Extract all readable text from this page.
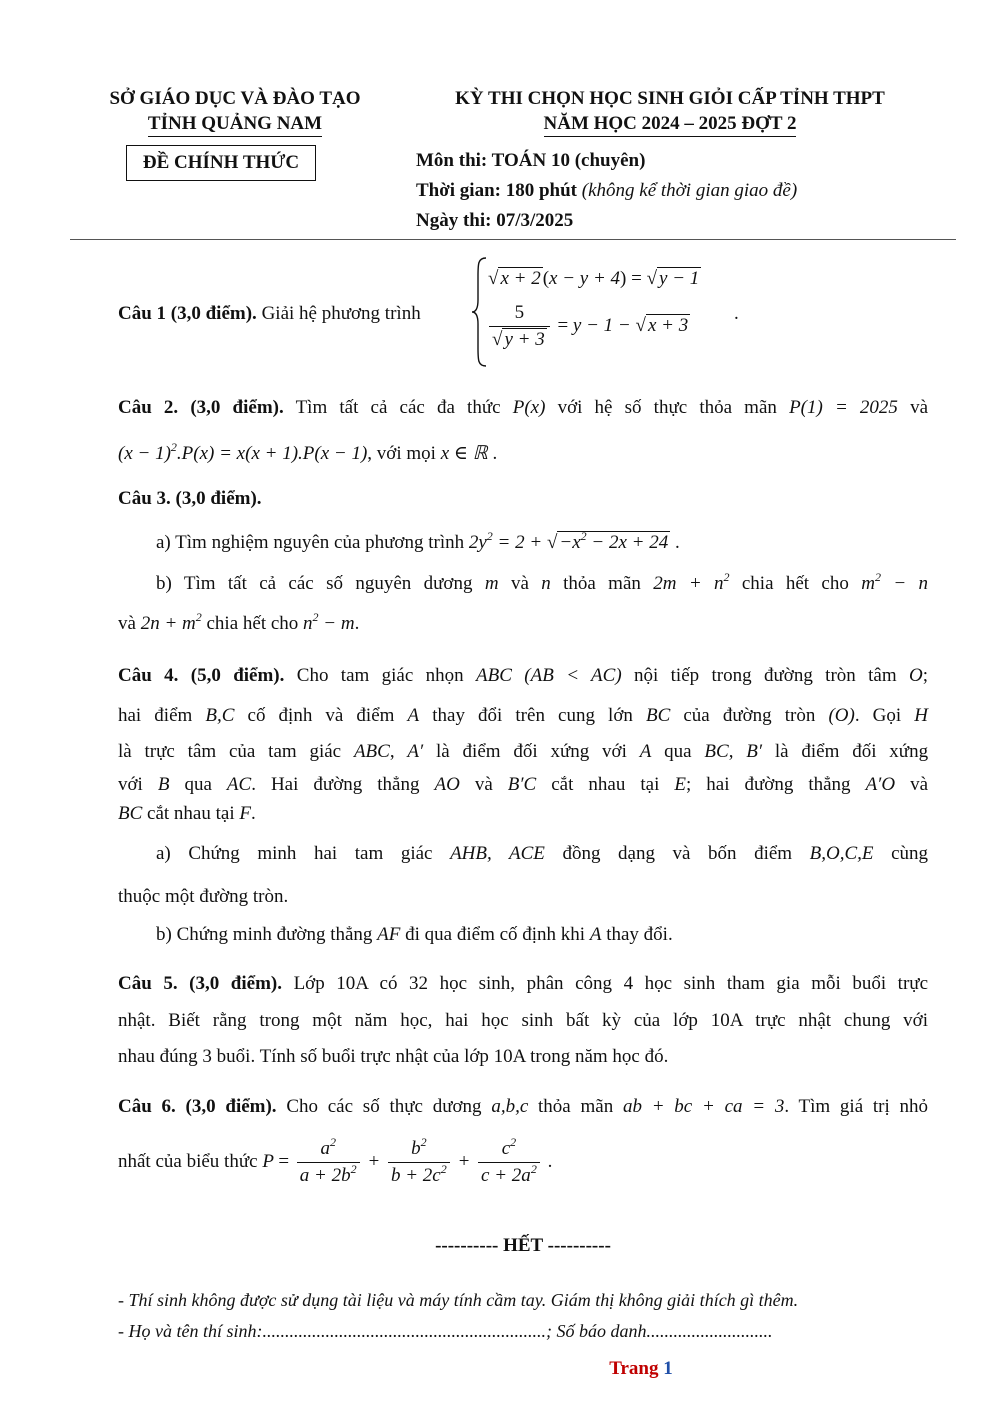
SỞ GIÁO DỤC VÀ ĐÀO TẠO
TỈNH QUẢNG NAM
ĐỀ CHÍNH THỨC
KỲ THI CHỌN HỌC SINH GIỎI CẤP TỈNH THPT
NĂM HỌC 2024 – 2025 ĐỢT 2
Môn thi: TOÁN 10 (chuyên)
Thời gian: 180 phút (không kể thời gian giao đề)
Ngày thi: 07/3/2025
Câu 1 (3,0 điểm). Giải hệ phương trình
√ x + 2 (x − y + 4) = √ y − 1
$\frac{5}{√ y + 3} = y - 1$ − √ x + 3
.
Câu 2. (3,0 điểm). Tìm tất cả các đa thức P(x) với hệ số thực thỏa mãn P(1) = 2025 và
$(x - 1)^2.P(x) = x(x + 1).P(x - 1)$, với mọi x ∈ ℝ .
Câu 3. (3,0 điểm).
a) Tìm nghiệm nguyên của phương trình $2y^2 = 2$ + √ $-x^2 - 2x + 24$ .
b) Tìm tất cả các số nguyên dương m và n thỏa mãn $2m + n^2$ chia hết cho $m^2 - n$
và $2n + m^2$ chia hết cho $n^2 - m$.
Câu 4. (5,0 điểm). Cho tam giác nhọn ABC (AB < AC) nội tiếp trong đường tròn tâm O;
hai điểm B,C cố định và điểm A thay đổi trên cung lớn BC của đường tròn (O). Gọi H
là trực tâm của tam giác ABC, A′ là điểm đối xứng với A qua BC, B′ là điểm đối xứng
với B qua AC. Hai đường thẳng AO và B′C cắt nhau tại E; hai đường thẳng A′O và
BC cắt nhau tại F.
a) Chứng minh hai tam giác AHB, ACE đồng dạng và bốn điểm B,O,C,E cùng
thuộc một đường tròn.
b) Chứng minh đường thẳng AF đi qua điểm cố định khi A thay đổi.
Câu 5. (3,0 điểm). Lớp 10A có 32 học sinh, phân công 4 học sinh tham gia mỗi buổi trực
nhật. Biết rằng trong một năm học, hai học sinh bất kỳ của lớp 10A trực nhật chung với
nhau đúng 3 buổi. Tính số buổi trực nhật của lớp 10A trong năm học đó.
Câu 6. (3,0 điểm). Cho các số thực dương a,b,c thỏa mãn ab + bc + ca = 3. Tìm giá trị nhỏ
nhất của biểu thức $P = \frac{a^2}{a + 2b^2} + \frac{b^2}{b + 2c^2} + \frac{c^2}{c + 2a^2}$ .
---------- HẾT ----------
- Thí sinh không được sử dụng tài liệu và máy tính cầm tay. Giám thị không giải thích gì thêm.
- Họ và tên thí sinh:...............................................................; Số báo danh............................
Trang 1
